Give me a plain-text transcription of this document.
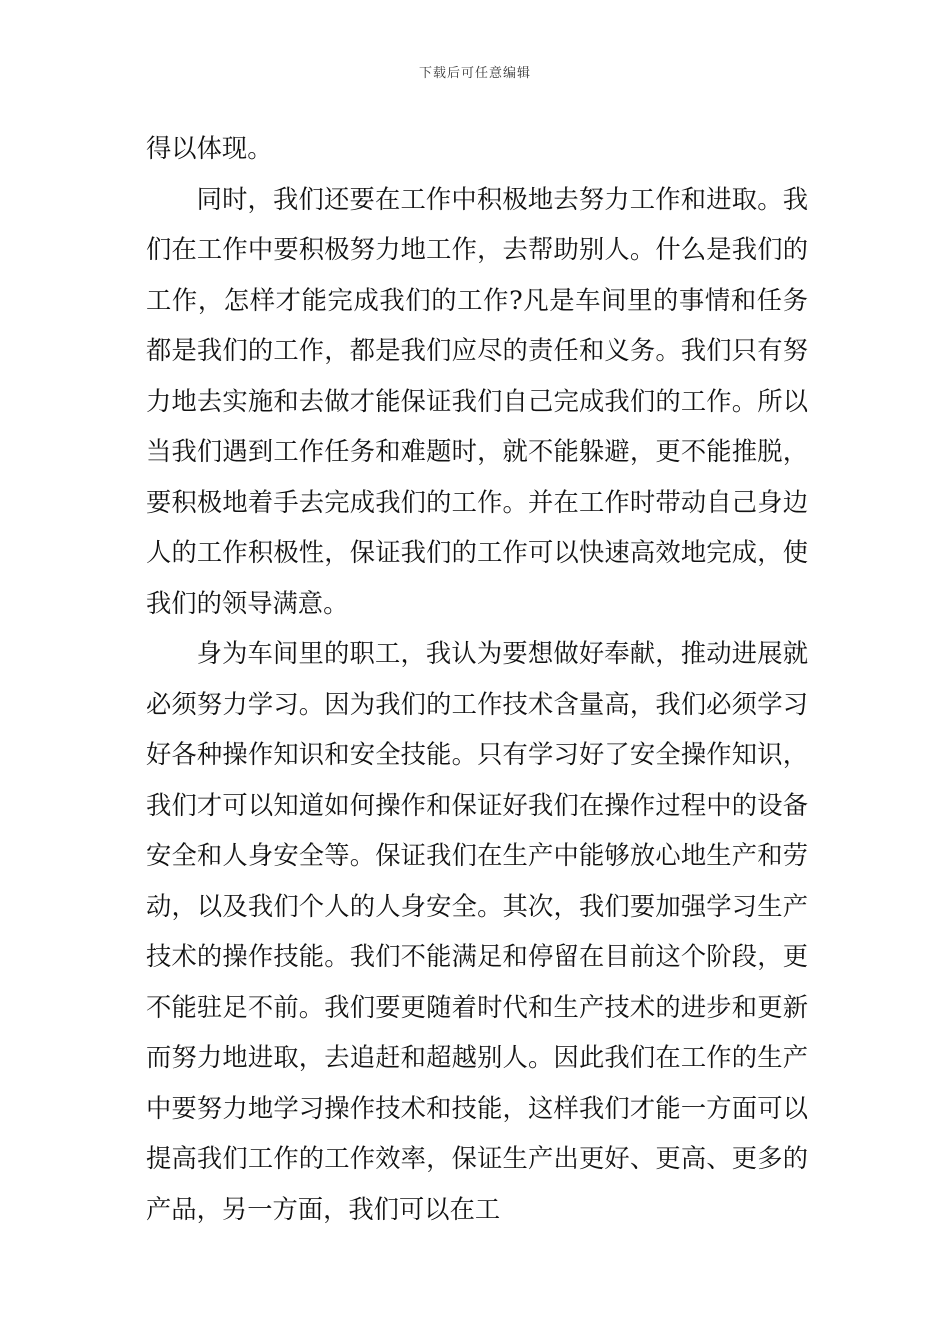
下载后可任意编辑

得以体现。

同时，我们还要在工作中积极地去努力工作和进取。我们在工作中要积极努力地工作，去帮助别人。什么是我们的工作，怎样才能完成我们的工作?凡是车间里的事情和任务都是我们的工作，都是我们应尽的责任和义务。我们只有努力地去实施和去做才能保证我们自己完成我们的工作。所以当我们遇到工作任务和难题时，就不能躲避，更不能推脱，要积极地着手去完成我们的工作。并在工作时带动自己身边人的工作积极性，保证我们的工作可以快速高效地完成，使我们的领导满意。

身为车间里的职工，我认为要想做好奉献，推动进展就必须努力学习。因为我们的工作技术含量高，我们必须学习好各种操作知识和安全技能。只有学习好了安全操作知识，我们才可以知道如何操作和保证好我们在操作过程中的设备安全和人身安全等。保证我们在生产中能够放心地生产和劳动，以及我们个人的人身安全。其次，我们要加强学习生产技术的操作技能。我们不能满足和停留在目前这个阶段，更不能驻足不前。我们要更随着时代和生产技术的进步和更新而努力地进取，去追赶和超越别人。因此我们在工作的生产中要努力地学习操作技术和技能，这样我们才能一方面可以提高我们工作的工作效率，保证生产出更好、更高、更多的产品，另一方面，我们可以在工
